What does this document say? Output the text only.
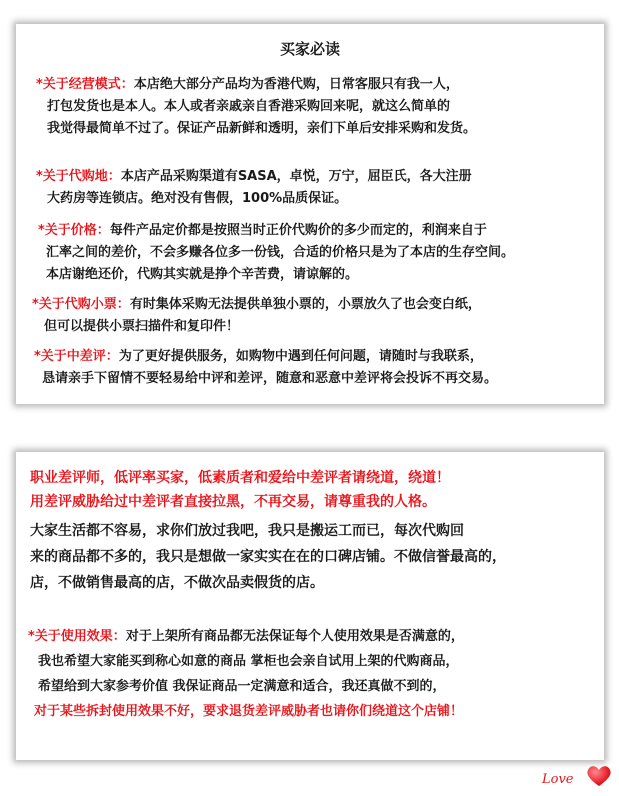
买家必读
*关于经营模式：本店绝大部分产品均为香港代购，日常客服只有我一人，
打包发货也是本人。本人或者亲戚亲自香港采购回来呢，就这么简单的
我觉得最简单不过了。保证产品新鲜和透明，亲们下单后安排采购和发货。
*关于代购地：本店产品采购渠道有SASA，卓悦，万宁，屈臣氏，各大注册
大药房等连锁店。绝对没有售假，100%品质保证。
*关于价格：每件产品定价都是按照当时正价代购价的多少而定的，利润来自于
汇率之间的差价，不会多赚各位多一份钱，合适的价格只是为了本店的生存空间。
本店谢绝还价，代购其实就是挣个辛苦费，请谅解的。
*关于代购小票：有时集体采购无法提供单独小票的，小票放久了也会变白纸，
但可以提供小票扫描件和复印件！
*关于中差评：为了更好提供服务，如购物中遇到任何问题，请随时与我联系，
恳请亲手下留情不要轻易给中评和差评，随意和恶意中差评将会投诉不再交易。
职业差评师，低评率买家，低素质者和爱给中差评者请绕道，绕道！
用差评威胁给过中差评者直接拉黑，不再交易，请尊重我的人格。
大家生活都不容易，求你们放过我吧，我只是搬运工而已，每次代购回
来的商品都不多的，我只是想做一家实实在在的口碑店铺。不做信誉最高的，
店，不做销售最高的店，不做次品卖假货的店。
*关于使用效果：对于上架所有商品都无法保证每个人使用效果是否满意的，
我也希望大家能买到称心如意的商品 掌柜也会亲自试用上架的代购商品，
希望给到大家参考价值 我保证商品一定满意和适合，我还真做不到的，
对于某些拆封使用效果不好，要求退货差评威胁者也请你们绕道这个店铺！
Love
